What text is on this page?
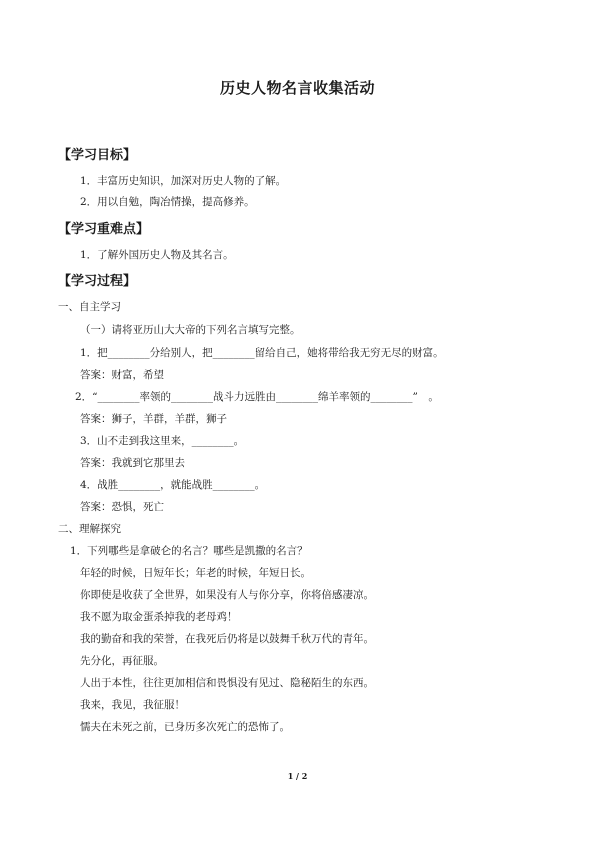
历史人物名言收集活动
【学习目标】
1．丰富历史知识，加深对历史人物的了解。
2．用以自勉，陶冶情操，提高修养。
【学习重难点】
1．了解外国历史人物及其名言。
【学习过程】
一、自主学习
（一）请将亚历山大大帝的下列名言填写完整。
1．把________分给别人，把________留给自己，她将带给我无穷无尽的财富。
答案：财富，希望
2．“________率领的________战斗力远胜由________绵羊率领的________”　。
答案：狮子，羊群，羊群，狮子
3．山不走到我这里来，________。
答案：我就到它那里去
4．战胜________，就能战胜________。
答案：恐惧，死亡
二、理解探究
1．下列哪些是拿破仑的名言？哪些是凯撒的名言？
年轻的时候，日短年长；年老的时候，年短日长。
你即使是收获了全世界，如果没有人与你分享，你将倍感凄凉。
我不愿为取金蛋杀掉我的老母鸡！
我的勤奋和我的荣誉，在我死后仍将是以鼓舞千秋万代的青年。
先分化，再征服。
人出于本性，往往更加相信和畏惧没有见过、隐秘陌生的东西。
我来，我见，我征服！
懦夫在未死之前，已身历多次死亡的恐怖了。
1 / 2
